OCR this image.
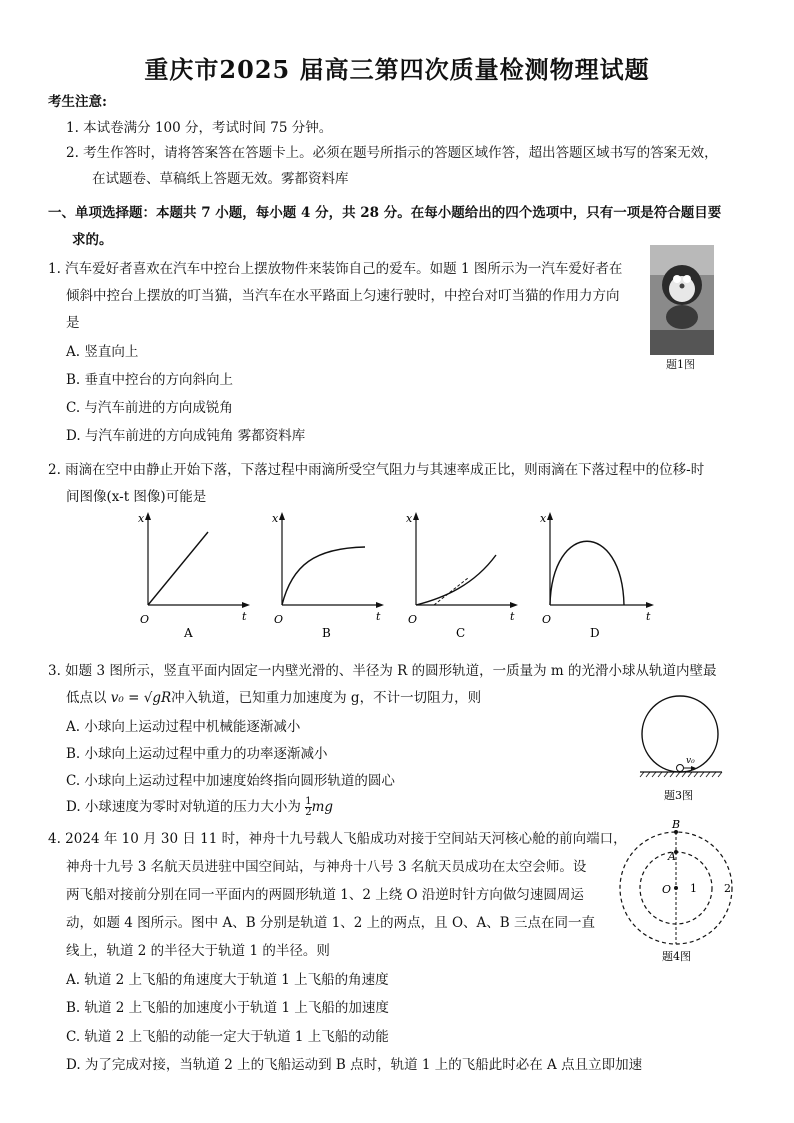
重庆市2025 届高三第四次质量检测物理试题
考生注意:
1. 本试卷满分 100 分，考试时间 75 分钟。
2. 考生作答时，请将答案答在答题卡上。必须在题号所指示的答题区域作答，超出答题区域书写的答案无效，
在试题卷、草稿纸上答题无效。雾都资料库
一、单项选择题：本题共 7 小题，每小题 4 分，共 28 分。在每小题给出的四个选项中，只有一项是符合题目要
求的。
1. 汽车爱好者喜欢在汽车中控台上摆放物件来装饰自己的爱车。如题 1 图所示为一汽车爱好者在
倾斜中控台上摆放的叮当猫，当汽车在水平路面上匀速行驶时，中控台对叮当猫的作用力方向
是
A. 竖直向上
B. 垂直中控台的方向斜向上
C. 与汽车前进的方向成锐角
D. 与汽车前进的方向成钝角 雾都资料库
题1图
2. 雨滴在空中由静止开始下落，下落过程中雨滴所受空气阻力与其速率成正比，则雨滴在下落过程中的位移-时
间图像(x-t 图像)可能是
x
t
O
A
x
t
O
B
x
t
O
C
x
t
O
D
3. 如题 3 图所示，竖直平面内固定一内壁光滑的、半径为 R 的圆形轨道，一质量为 m 的光滑小球从轨道内壁最
低点以 v₀ = √gR冲入轨道，已知重力加速度为 g，不计一切阻力，则
A. 小球向上运动过程中机械能逐渐减小
B. 小球向上运动过程中重力的功率逐渐减小
C. 小球向上运动过程中加速度始终指向圆形轨道的圆心
D. 小球速度为零时对轨道的压力大小为 $\frac{1}{2}$ mg
v₀
题3图
4. 2024 年 10 月 30 日 11 时，神舟十九号载人飞船成功对接于空间站天河核心舱的前向端口，
神舟十九号 3 名航天员进驻中国空间站，与神舟十八号 3 名航天员成功在太空会师。设
两飞船对接前分别在同一平面内的两圆形轨道 1、2 上绕 O 沿逆时针方向做匀速圆周运
动，如题 4 图所示。图中 A、B 分别是轨道 1、2 上的两点，且 O、A、B 三点在同一直
线上，轨道 2 的半径大于轨道 1 的半径。则
A. 轨道 2 上飞船的角速度大于轨道 1 上飞船的角速度
B. 轨道 2 上飞船的加速度小于轨道 1 上飞船的加速度
C. 轨道 2 上飞船的动能一定大于轨道 1 上飞船的动能
D. 为了完成对接，当轨道 2 上的飞船运动到 B 点时，轨道 1 上的飞船此时必在 A 点且立即加速
B
A
O 1 2
题4图
